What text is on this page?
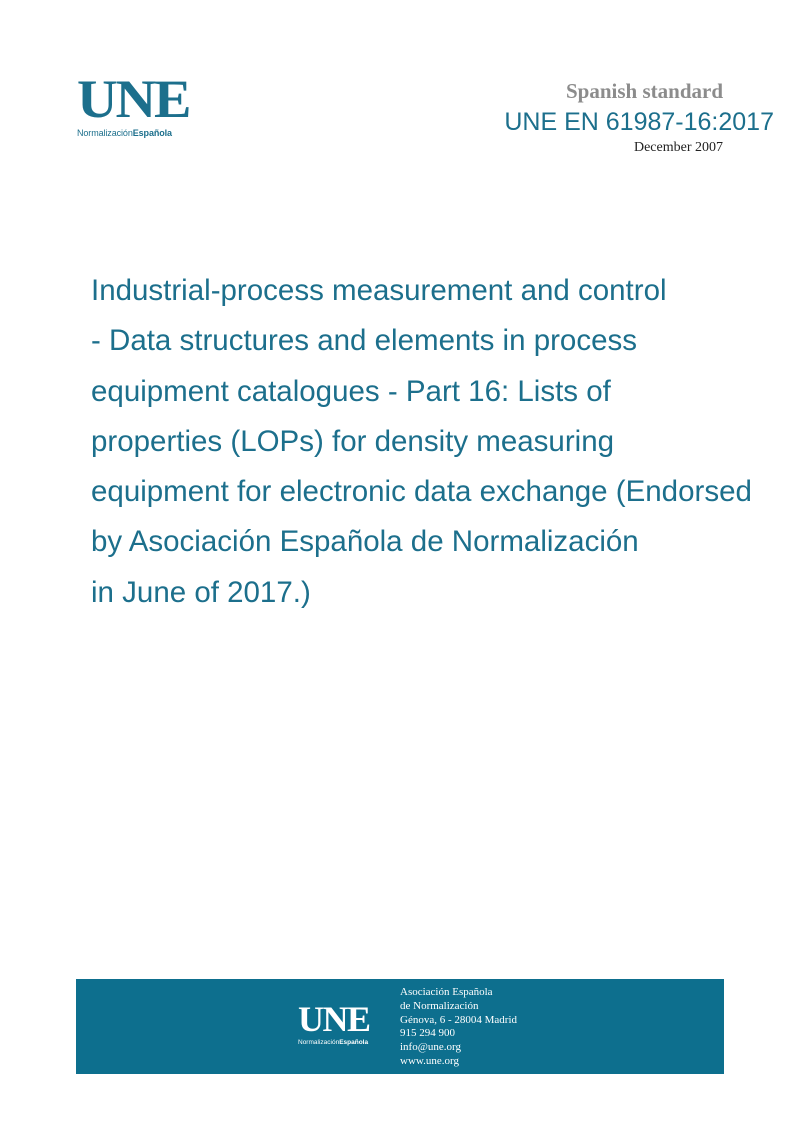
UNE
NormalizaciónEspañola
Spanish standard
UNE EN 61987-16:2017
December 2007
Industrial-process measurement and control
- Data structures and elements in process
equipment catalogues - Part 16: Lists of
properties (LOPs) for density measuring
equipment for electronic data exchange (Endorsed
by Asociación Española de Normalización
in June of 2017.)
UNE
NormalizaciónEspañola
Asociación Española
de Normalización
Génova, 6 - 28004 Madrid
915 294 900
info@une.org
www.une.org
